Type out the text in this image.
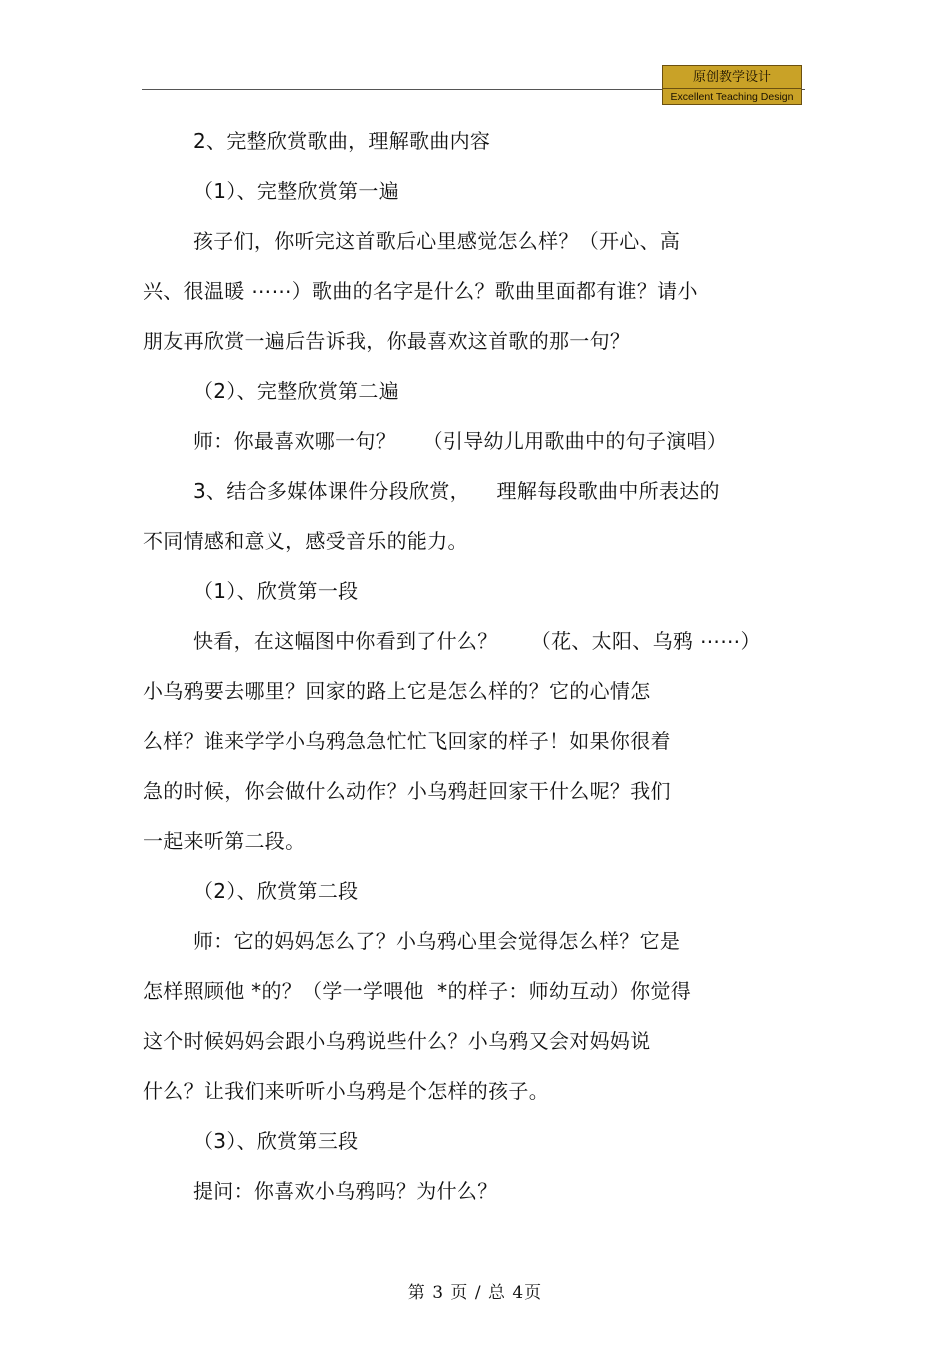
原创教学设计
Excellent Teaching Design
2、完整欣赏歌曲，理解歌曲内容
（1）、完整欣赏第一遍
孩子们，你听完这首歌后心里感觉怎么样？（开心、高
兴、很温暖 ⋯⋯）歌曲的名字是什么？歌曲里面都有谁？请小
朋友再欣赏一遍后告诉我，你最喜欢这首歌的那一句？
（2）、完整欣赏第二遍
师：你最喜欢哪一句？    （引导幼儿用歌曲中的句子演唱）
3、结合多媒体课件分段欣赏，    理解每段歌曲中所表达的
不同情感和意义，感受音乐的能力。
（1）、欣赏第一段
快看，在这幅图中你看到了什么？     （花、太阳、乌鸦 ⋯⋯）
小乌鸦要去哪里？回家的路上它是怎么样的？它的心情怎
么样？谁来学学小乌鸦急急忙忙飞回家的样子！如果你很着
急的时候，你会做什么动作？小乌鸦赶回家干什么呢？我们
一起来听第二段。
（2）、欣赏第二段
师：它的妈妈怎么了？小乌鸦心里会觉得怎么样？它是
怎样照顾他 *的？（学一学喂他  *的样子：师幼互动）你觉得
这个时候妈妈会跟小乌鸦说些什么？小乌鸦又会对妈妈说
什么？让我们来听听小乌鸦是个怎样的孩子。
（3）、欣赏第三段
提问：你喜欢小乌鸦吗？为什么？
第 3 页 / 总 4页
